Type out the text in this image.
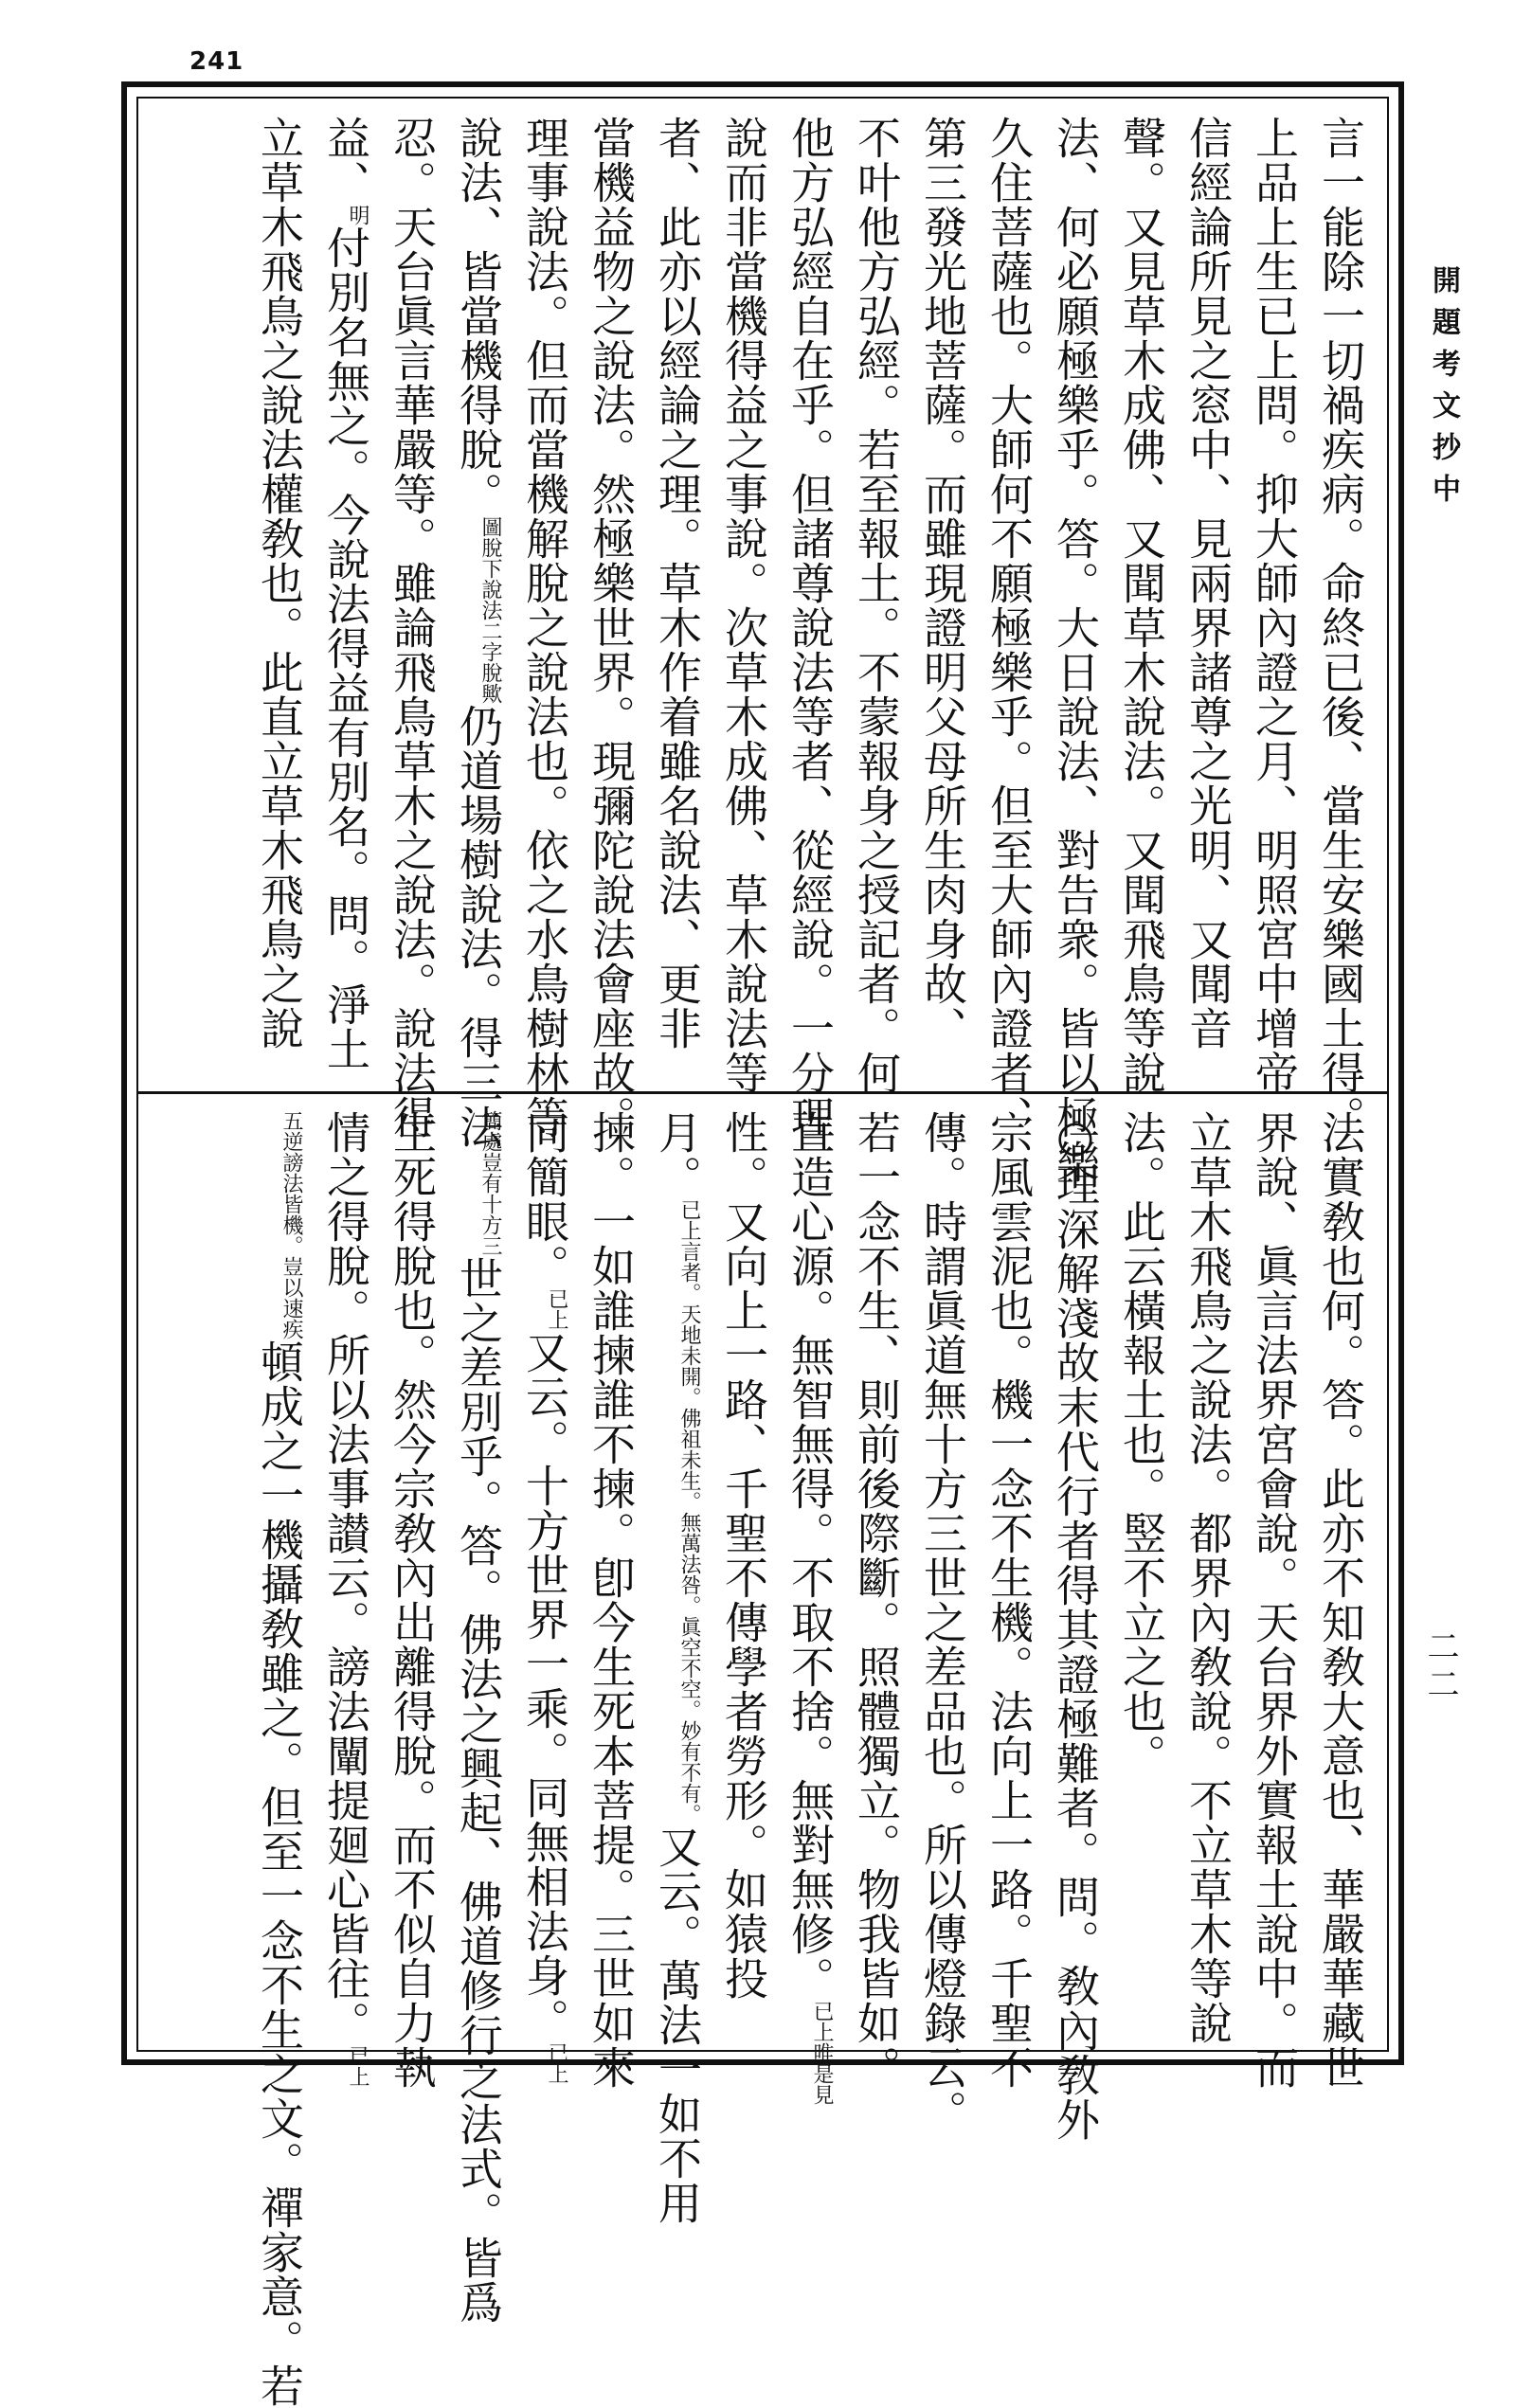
241
開題考文抄中
二二
言一能除一切禍疾病。命終已後、當生安樂國土得。
上品上生已上問。抑大師內證之月、明照宮中增帝
信經論所見之窓中、見兩界諸尊之光明、又聞音
聲。又見草木成佛、又聞草木說法。又聞飛鳥等說
法、何必願極樂乎。答。大日說法、對告衆。皆以極樂
久住菩薩也。大師何不願極樂乎。但至大師內證者、
第三發光地菩薩。而雖現證明父母所生肉身故、
不叶他方弘經。若至報土。不蒙報身之授記者。何
他方弘經自在乎。但諸尊說法等者、從經說。一分理
說而非當機得益之事說。次草木成佛、草木說法等
者、此亦以經論之理。草木作着雖名說法、更非
當機益物之說法。然極樂世界。現彌陀說法會座故。
理事說法。但而當機解脫之說法也。依之水鳥樹林等
說法、皆當機得脫。圖脫下說法二字脫歟仍道場樹說法。得三法
忍。天台眞言華嚴等。雖論飛鳥草木之說法。說法得
益、明付別名無之。今說法得益有別名。問。淨土
立草木飛鳥之說法權敎也。此直立草木飛鳥之說
法實敎也何。答。此亦不知敎大意也、華嚴華藏世
界說、眞言法界宮會說。天台界外實報土說中。而
立草木飛鳥之說法。都界內敎說。不立草木等說
法。此云橫報土也。竪不立之也。
○理深解淺故末代行者得其證極難者。問。敎內敎外
宗風雲泥也。機一念不生機。法向上一路。千聖不
傳。時謂眞道無十方三世之差品也。所以傳燈錄云。
若一念不生、則前後際斷。照體獨立。物我皆如。
直造心源。無智無得。不取不捨。無對無修。已上唯是見
性。又向上一路、千聖不傳學者勞形。如猿投
月。已上言者。天地未開。佛祖未生。無萬法咎。眞空不空。妙有不有。又云。萬法一如不用
揀。一如誰揀誰不揀。卽今生死本菩提。三世如來
同簡眼。已上又云。十方世界一乘。同無相法身。已上
簡處豈有十方三世之差別乎。答。佛法之興起、佛道修行之法式。皆爲
生死得脫也。然今宗敎內出離得脫。而不似自力執
情之得脫。所以法事讃云。謗法闡提廻心皆往。已上
五逆謗法皆機。豈以速疾頓成之一機攝敎雖之。但至一念不生之文。禪家意。若
